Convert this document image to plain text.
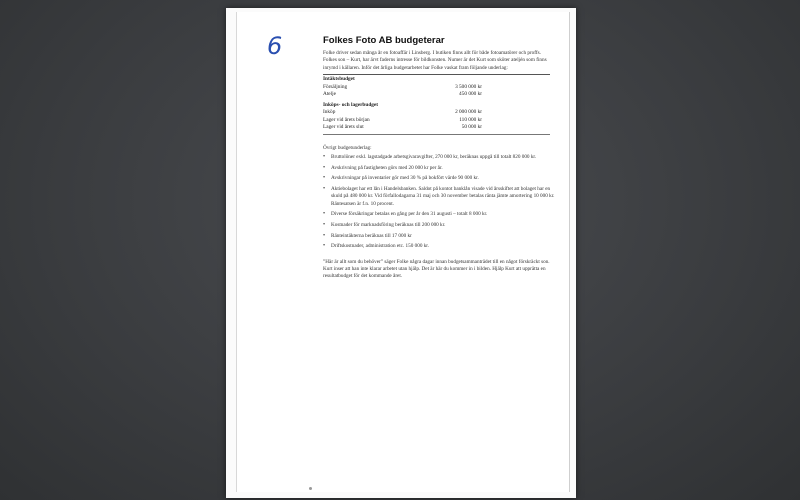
6	Folkes Foto AB budgeterar

Folke driver sedan många år en fotoaffär i Linsberg. I butiken finns allt för både fotoamatörer och proffs. Folkes son – Kurt, har ärvt faderns intresse för bildkonsten. Numer är det Kurt som sköter ateljén som finns inrymd i källaren. Inför det årliga budgetarbetet har Folke vaskat fram följande underlag:

Intäktsbudget
Försäljning	3 500 000 kr
Atelje	450 000 kr
Inköps- och lagerbudget
Inköp	2 000 000 kr
Lager vid årets början	110 000 kr
Lager vid årets slut	50 000 kr

Övrigt budgetunderlag:

• Bruttolöner exkl. lagstadgade arbetsgivaravgifter, 270 000 kr, beräknas uppgå till totalt 820 000 kr.
• Avskrivning på fastigheten görs med 20 000 kr per år.
• Avskrivningar på inventarier gör med 30 % på bokfört värde 90 000 kr.
• Aktiebolaget har ett lån i Handelsbanken. Saldot på kontot banklån visade vid årsskiftet att bolaget har en skuld på 480 000 kr. Vid förfallodagarna 31 maj och 30 november betalas ränta jämte amortering 10 000 kr. Räntesatsen är f.n. 10 procent.
• Diverse försäkringar betalas en gång per år den 31 augusti – totalt 8 000 kr.
• Kostnader för marknadsföring beräknas till 200 000 kr.
• Ränteintäkterna beräknas till 17 000 kr
• Driftskostnader, administration etc. 150 000 kr.

”Här är allt som du behöver” säger Folke några dagar innan budgetsammanträdet till en något förskräckt son. Kurt inser att han inte klarar arbetet utan hjälp. Det är här du kommer in i bilden. Hjälp Kurt att upprätta en resultatbudget för det kommande året.
